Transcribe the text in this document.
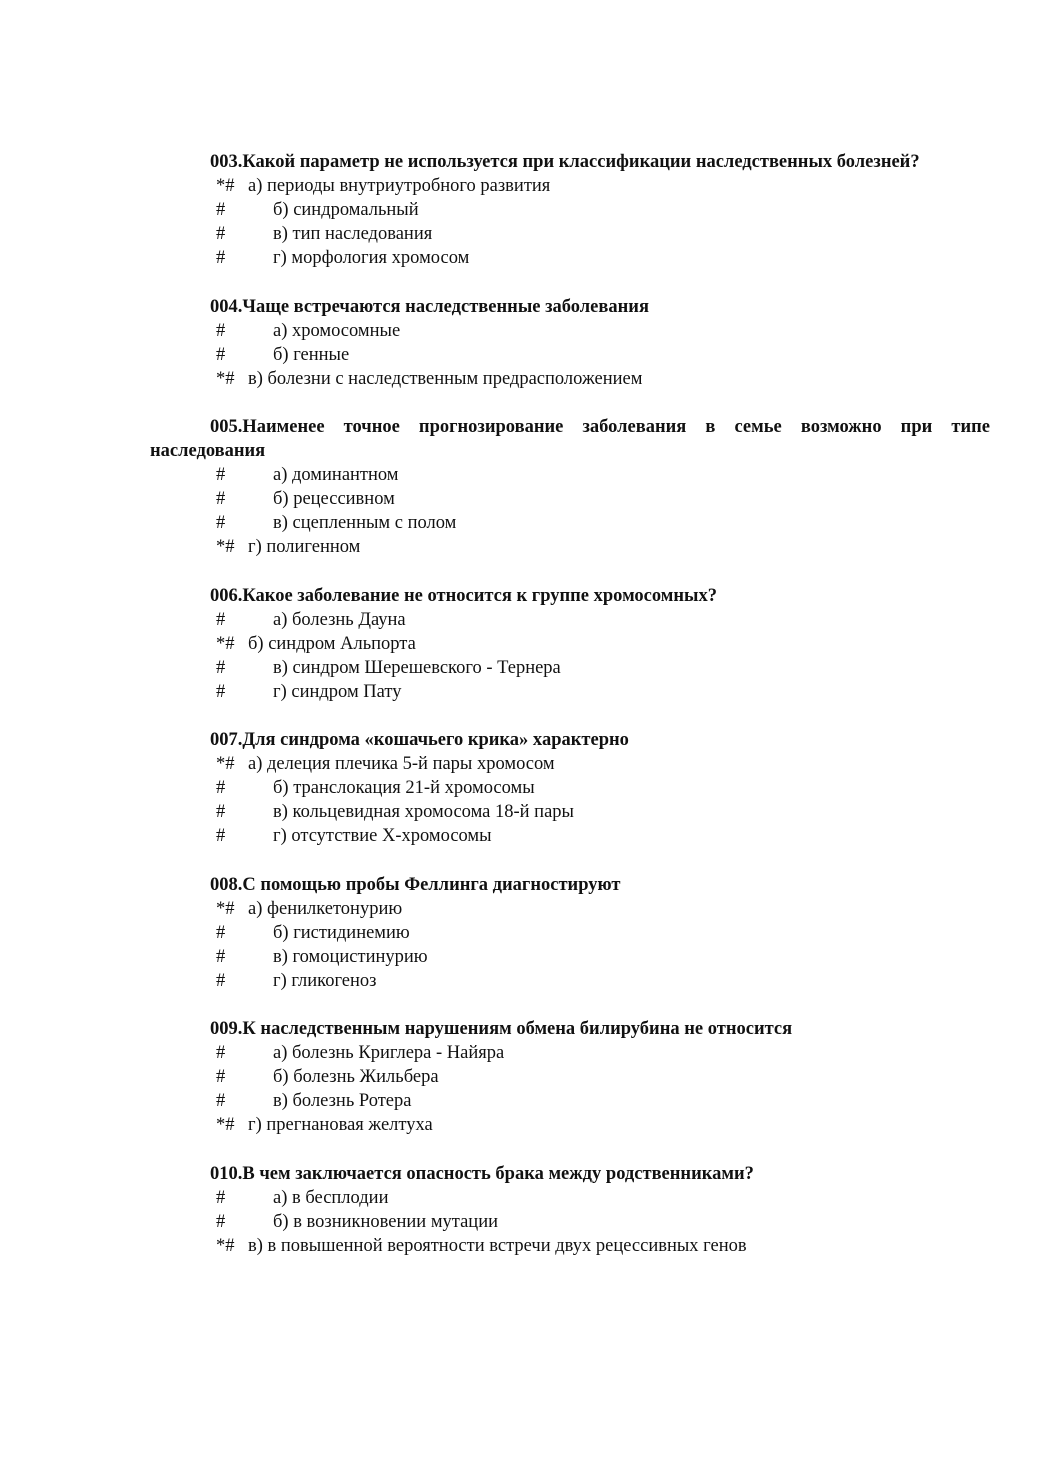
003.Какой параметр не используется при классификации наследственных болезней?

*# а) периоды внутриутробного развития
#	б) синдромальный
#	в) тип наследования
#	г) морфология хромосом

004.Чаще встречаются наследственные заболевания

#	а) хромосомные
#	б) генные
*# в) болезни с наследственным предрасположением

005.Наименее точное прогнозирование заболевания в семье возможно при типе наследования

#	а) доминантном
#	б) рецессивном
#	в) сцепленным с полом
*# г) полигенном

006.Какое заболевание не относится к группе хромосомных?

#	а) болезнь Дауна
*# б) синдром Альпорта
#	в) синдром Шерешевского - Тернера
#	г) синдром Пату

007.Для синдрома «кошачьего крика» характерно

*# а) делеция плечика 5-й пары хромосом
#	б) транслокация 21-й хромосомы
#	в) кольцевидная хромосома 18-й пары
#	г) отсутствие Х-хромосомы

008.С помощью пробы Феллинга диагностируют

*# а) фенилкетонурию
#	б) гистидинемию
#	в) гомоцистинурию
#	г) гликогеноз

009.К наследственным нарушениям обмена билирубина не относится

#	а) болезнь Криглера - Найяра
#	б) болезнь Жильбера
#	в) болезнь Ротера
*# г) прегнановая желтуха

010.В чем заключается опасность брака между родственниками?

#	а) в бесплодии
#	б) в возникновении мутации
*# в) в повышенной вероятности встречи двух рецессивных генов
